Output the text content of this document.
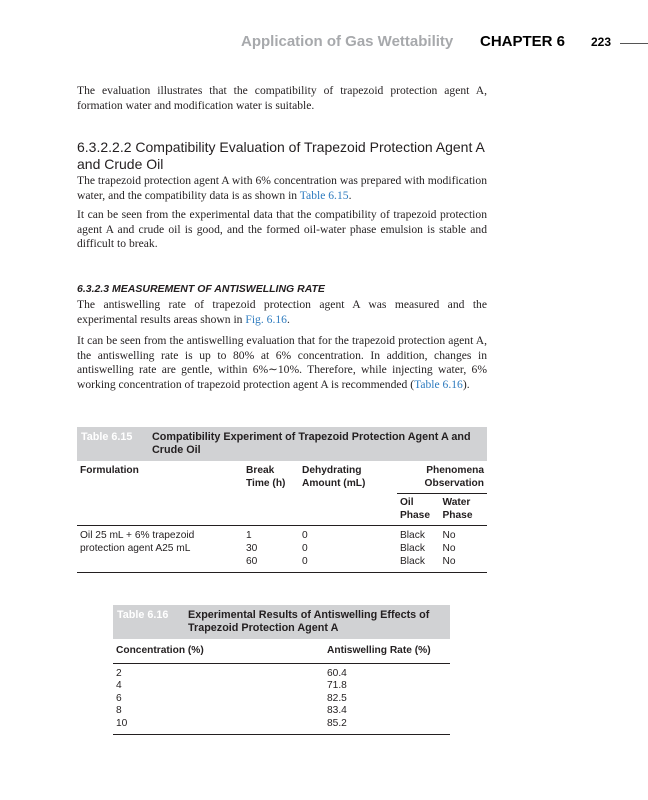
Application of Gas Wettability CHAPTER 6 223
The evaluation illustrates that the compatibility of trapezoid protection agent A, formation water and modification water is suitable.
6.3.2.2.2 Compatibility Evaluation of Trapezoid Protection Agent A and Crude Oil
The trapezoid protection agent A with 6% concentration was prepared with modification water, and the compatibility data is as shown in Table 6.15.
It can be seen from the experimental data that the compatibility of trapezoid protection agent A and crude oil is good, and the formed oil-water phase emulsion is stable and difficult to break.
6.3.2.3 MEASUREMENT OF ANTISWELLING RATE
The antiswelling rate of trapezoid protection agent A was measured and the experimental results areas shown in Fig. 6.16.
It can be seen from the antiswelling evaluation that for the trapezoid protection agent A, the antiswelling rate is up to 80% at 6% concentration. In addition, changes in antiswelling rate are gentle, within 6%∼10%. Therefore, while injecting water, 6% working concentration of trapezoid protection agent A is recommended (Table 6.16).
Table 6.15	Compatibility Experiment of Trapezoid Protection Agent A and Crude Oil
Formulation	Break Time (h)	Dehydrating Amount (mL)	Phenomena Observation	
			Oil Phase	Water Phase
Oil 25 mL + 6% trapezoid protection agent A25 mL	1	0	Black	No
	30	0	Black	No
	60	0	Black	No
Table 6.16	Experimental Results of Antiswelling Effects of Trapezoid Protection Agent A
Concentration (%)	Antiswelling Rate (%)
2	60.4
4	71.8
6	82.5
8	83.4
10	85.2
